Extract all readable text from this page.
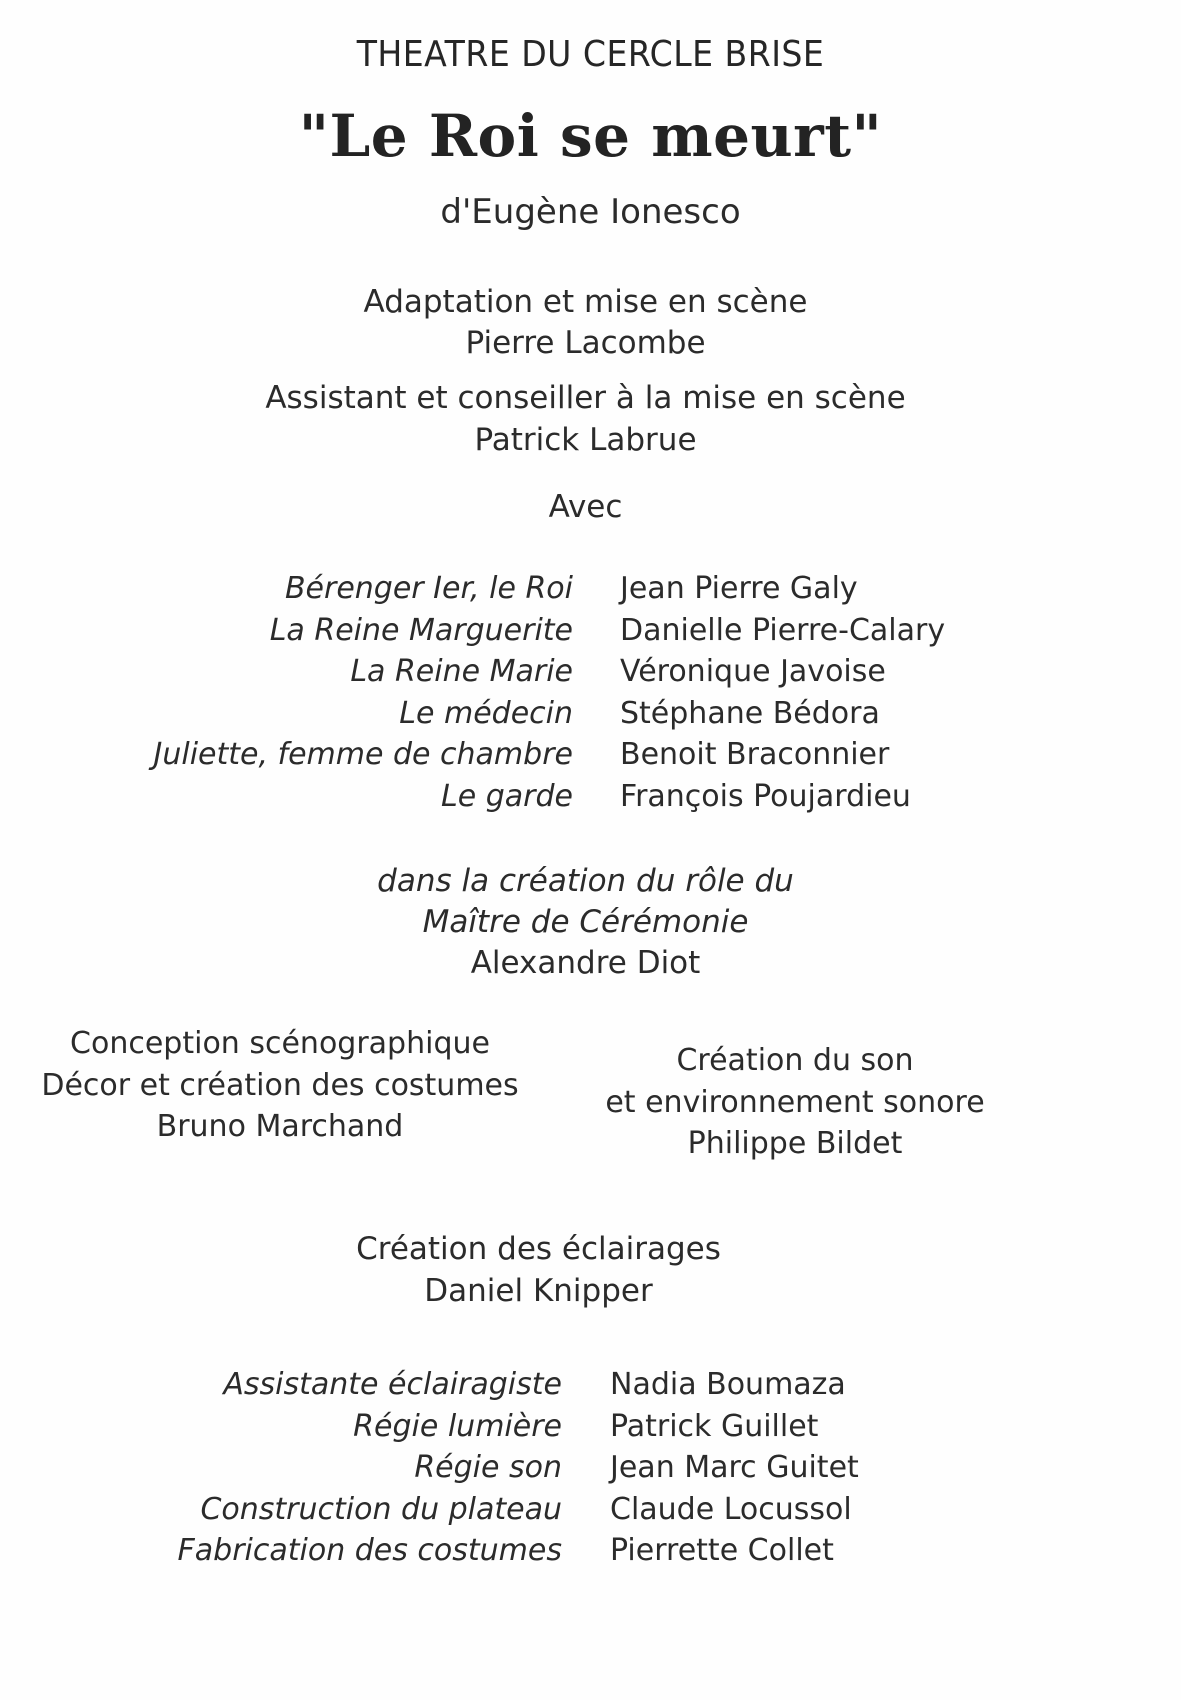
THEATRE DU CERCLE BRISE
"Le Roi se meurt"
d'Eugène Ionesco
Adaptation et mise en scène
Pierre Lacombe
Assistant et conseiller à la mise en scène
Patrick Labrue
Avec
Bérenger Ier, le Roi
La Reine Marguerite
La Reine Marie
Le médecin
Juliette, femme de chambre
Le garde
Jean Pierre Galy
Danielle Pierre-Calary
Véronique Javoise
Stéphane Bédora
Benoit Braconnier
François Poujardieu
dans la création du rôle du
Maître de Cérémonie
Alexandre Diot
Conception scénographique
Décor et création des costumes
Bruno Marchand
Création du son
et environnement sonore
Philippe Bildet
Création des éclairages
Daniel Knipper
Assistante éclairagiste
Régie lumière
Régie son
Construction du plateau
Fabrication des costumes
Nadia Boumaza
Patrick Guillet
Jean Marc Guitet
Claude Locussol
Pierrette Collet
